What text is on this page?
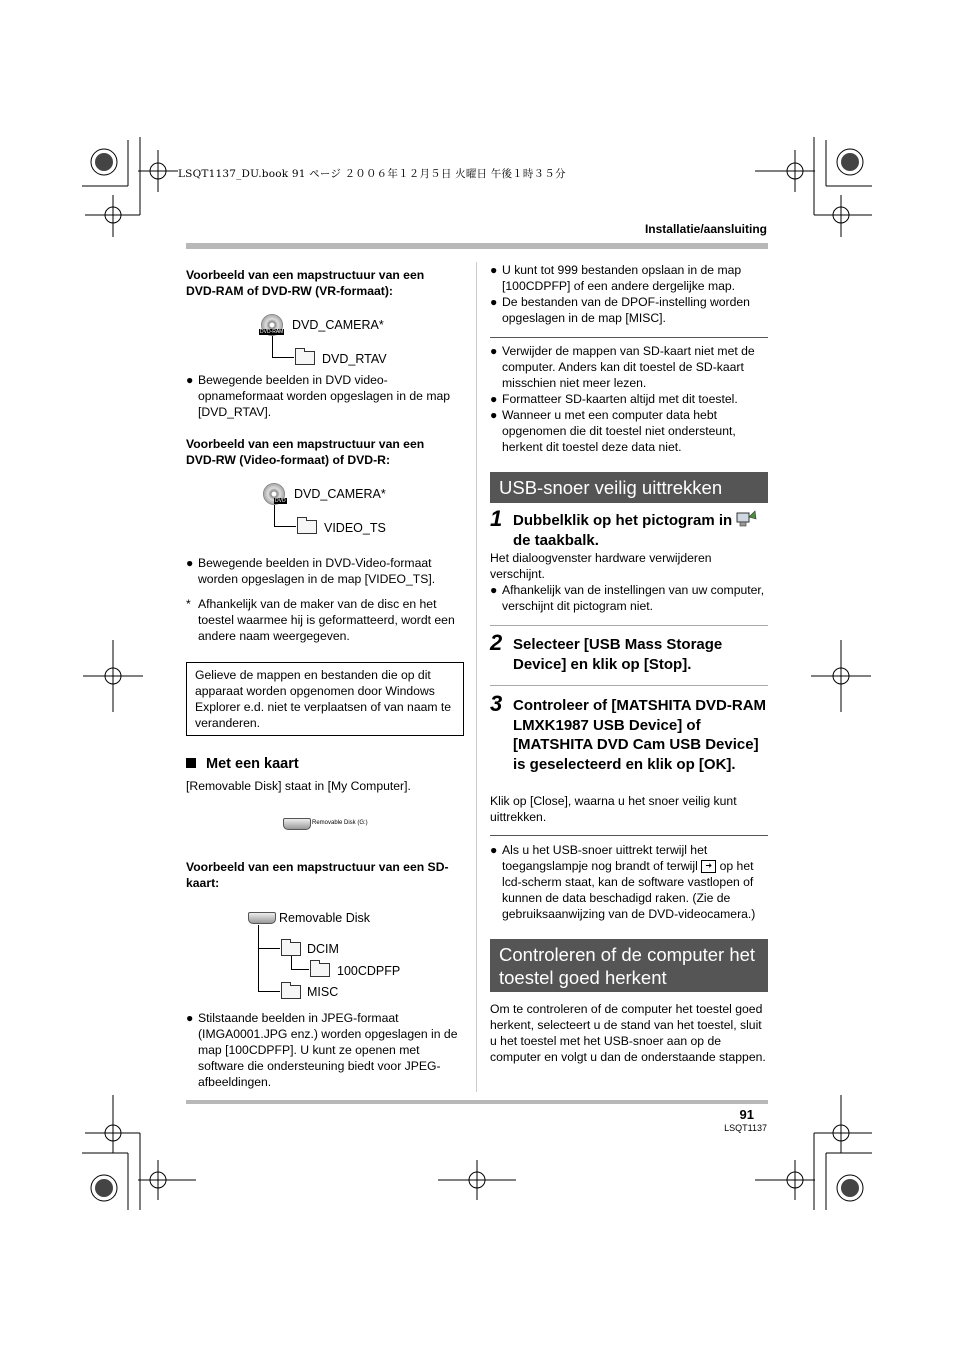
LSQT1137_DU.book 91 ページ ２００６年１２月５日 火曜日 午後１時３５分
Installatie/aansluiting
Voorbeeld van een mapstructuur van een DVD-RAM of DVD-RW (VR-formaat):
DVD-RAM DVD_CAMERA*
DVD_RTAV
● Bewegende beelden in DVD video-opnameformaat worden opgeslagen in de map [DVD_RTAV].
Voorbeeld van een mapstructuur van een DVD-RW (Video-formaat) of DVD-R:
DVD DVD_CAMERA*
VIDEO_TS
● Bewegende beelden in DVD-Video-formaat worden opgeslagen in de map [VIDEO_TS].
* Afhankelijk van de maker van de disc en het toestel waarmee hij is geformatteerd, wordt een andere naam weergegeven.
Gelieve de mappen en bestanden die op dit apparaat worden opgenomen door Windows Explorer e.d. niet te verplaatsen of van naam te veranderen.
Met een kaart
[Removable Disk] staat in [My Computer].
Removable Disk (G:)
Voorbeeld van een mapstructuur van een SD-kaart:
Removable Disk
DCIM
100CDPFP
MISC
● Stilstaande beelden in JPEG-formaat (IMGA0001.JPG enz.) worden opgeslagen in de map [100CDPFP]. U kunt ze openen met software die ondersteuning biedt voor JPEG-afbeeldingen.
● U kunt tot 999 bestanden opslaan in de map [100CDPFP] of een andere dergelijke map.
● De bestanden van de DPOF-instelling worden opgeslagen in de map [MISC].
● Verwijder de mappen van SD-kaart niet met de computer. Anders kan dit toestel de SD-kaart misschien niet meer lezen.
● Formatteer SD-kaarten altijd met dit toestel.
● Wanneer u met een computer data hebt opgenomen die dit toestel niet ondersteunt, herkent dit toestel deze data niet.
USB-snoer veilig uittrekken
1 Dubbelklik op het pictogram in de taakbalk.
Het dialoogvenster hardware verwijderen verschijnt.
● Afhankelijk van de instellingen van uw computer, verschijnt dit pictogram niet.
2 Selecteer [USB Mass Storage Device] en klik op [Stop].
3 Controleer of [MATSHITA DVD-RAM LMXK1987 USB Device] of [MATSHITA DVD Cam USB Device] is geselecteerd en klik op [OK].
Klik op [Close], waarna u het snoer veilig kunt uittrekken.
● Als u het USB-snoer uittrekt terwijl het toegangslampje nog brandt of terwijl ➜ op het lcd-scherm staat, kan de software vastlopen of kunnen de data beschadigd raken. (Zie de gebruiksaanwijzing van de DVD-videocamera.)
Controleren of de computer het toestel goed herkent
Om te controleren of de computer het toestel goed herkent, selecteert u de stand van het toestel, sluit u het toestel met het USB-snoer aan op de computer en volgt u dan de onderstaande stappen.
91
LSQT1137
